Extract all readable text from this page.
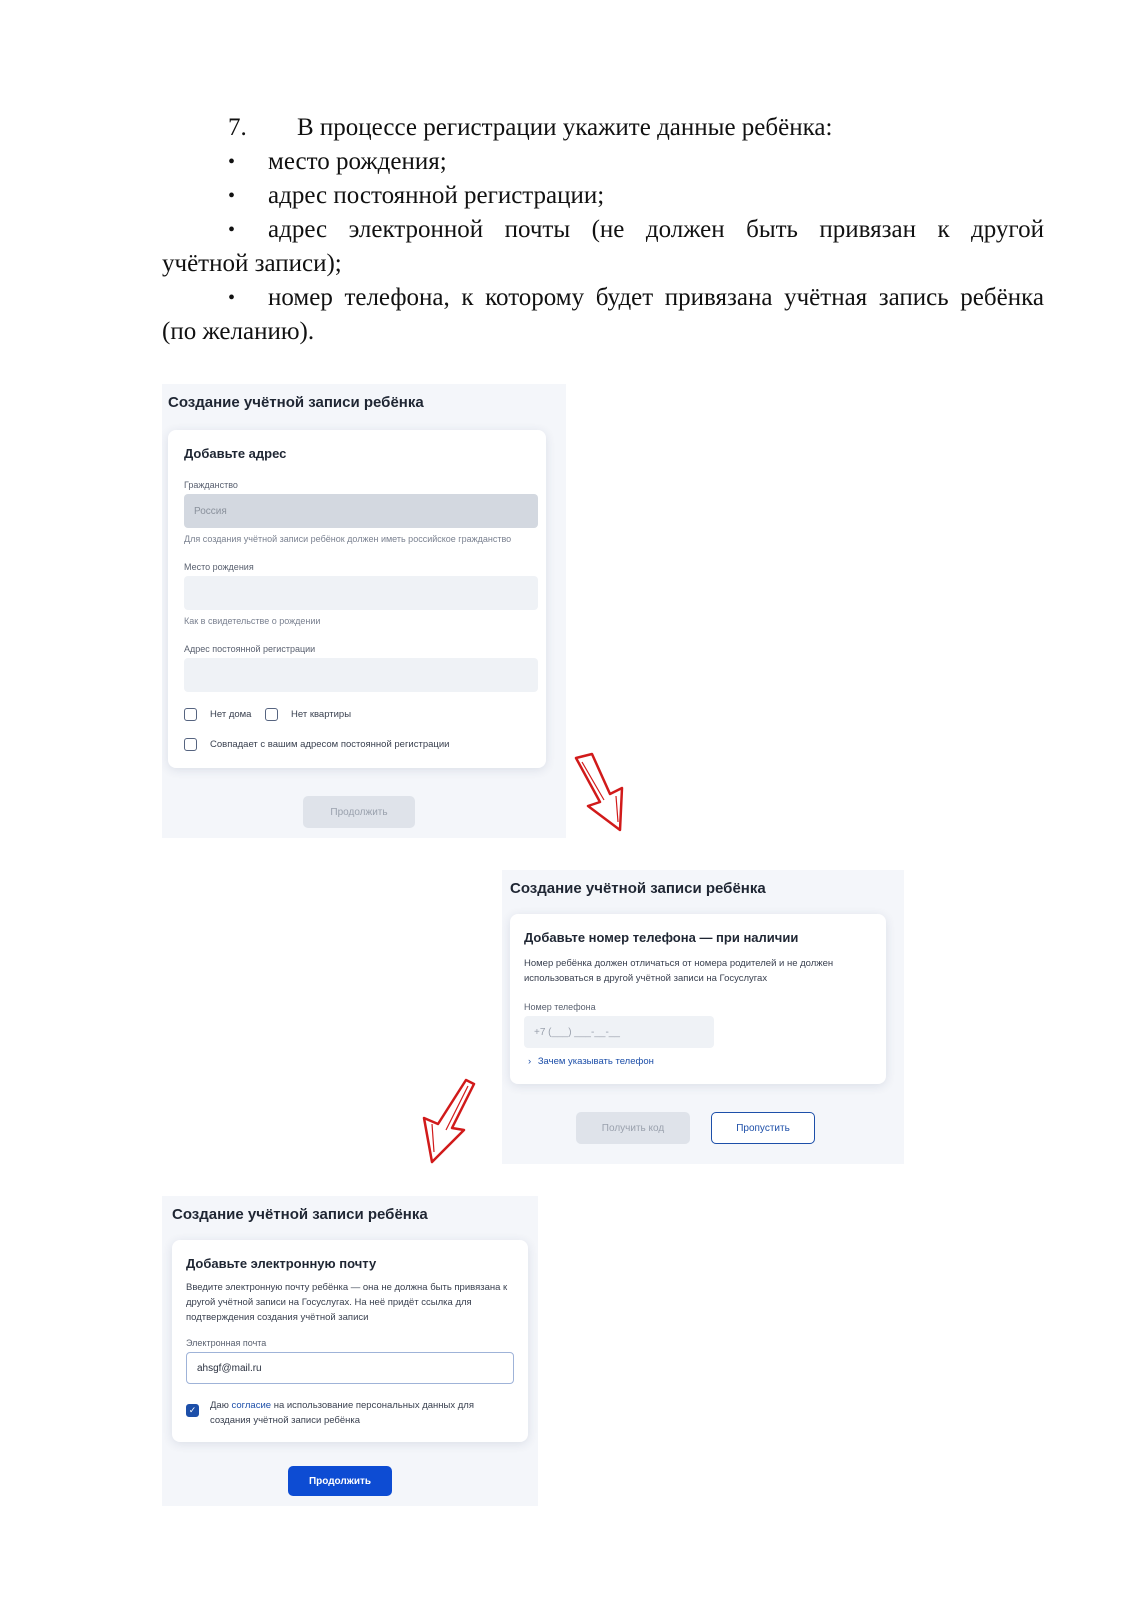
7. В процессе регистрации укажите данные ребёнка:
• место рождения;
• адрес постоянной регистрации;
• адрес электронной почты (не должен быть привязан к другой
учётной записи);
• номер телефона, к которому будет привязана учётная запись ребёнка
(по желанию).
Создание учётной записи ребёнка
Добавьте адрес
Гражданство
Россия
Для создания учётной записи ребёнок должен иметь российское гражданство
Место рождения
Как в свидетельстве о рождении
Адрес постоянной регистрации
Нет дома	Нет квартиры
Совпадает с вашим адресом постоянной регистрации
Продолжить
Создание учётной записи ребёнка
Добавьте номер телефона — при наличии
Номер ребёнка должен отличаться от номера родителей и не должен
использоваться в другой учётной записи на Госуслугах
Номер телефона
+7 (___) ___-__-__
› Зачем указывать телефон
Получить код	Пропустить
Создание учётной записи ребёнка
Добавьте электронную почту
Введите электронную почту ребёнка — она не должна быть привязана к
другой учётной записи на Госуслугах. На неё придёт ссылка для
подтверждения создания учётной записи
Электронная почта
ahsgf@mail.ru
✓ Даю согласие на использование персональных данных для
создания учётной записи ребёнка
Продолжить
